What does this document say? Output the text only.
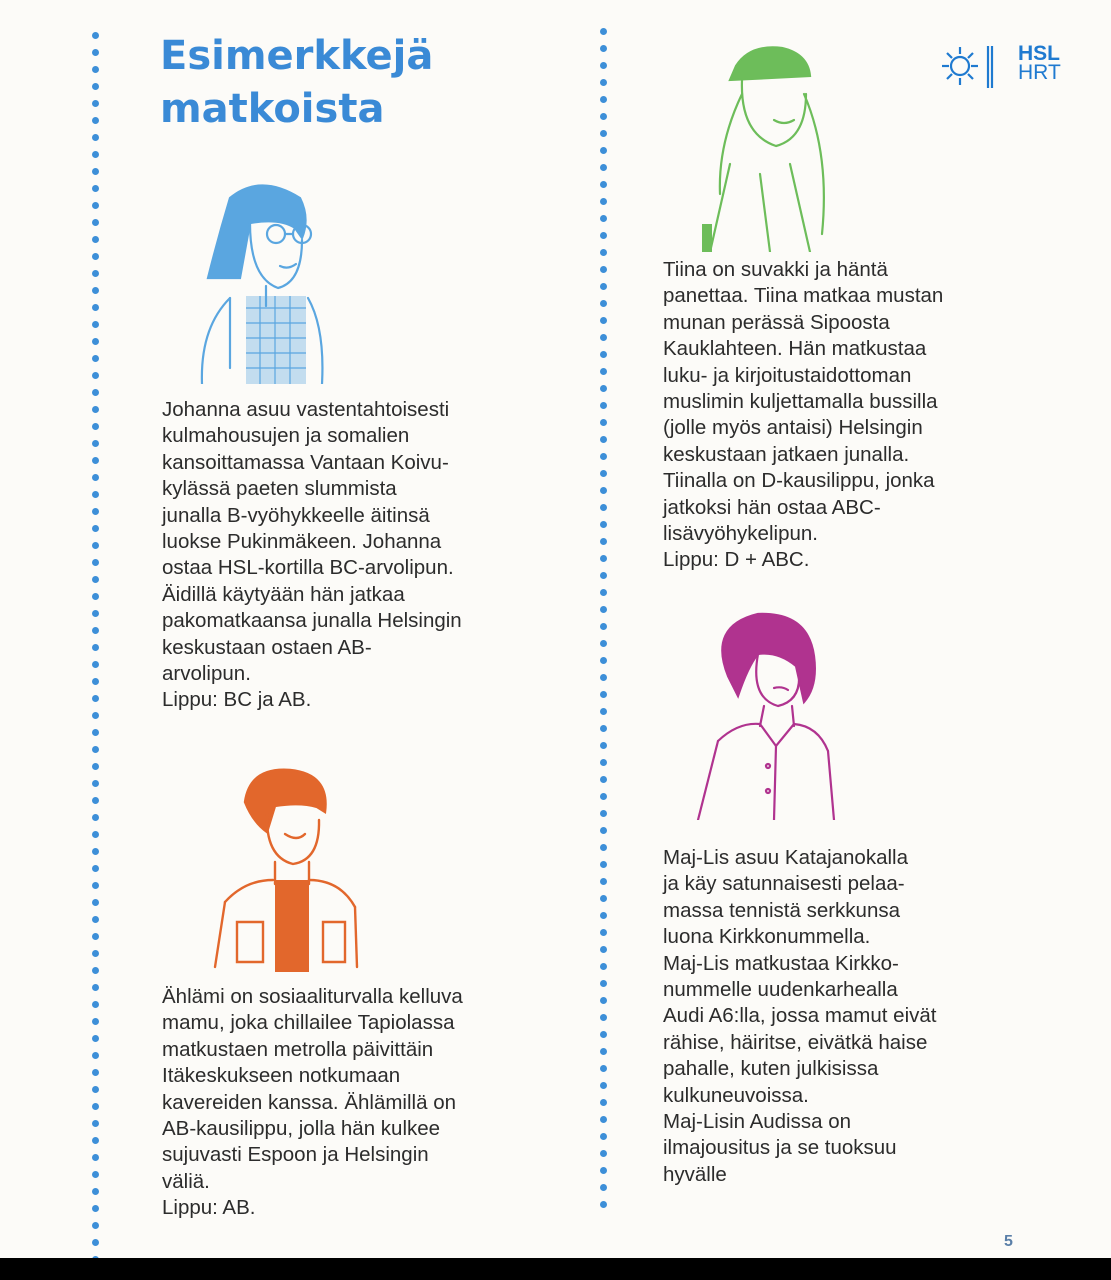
Esimerkkejä
matkoista
HSL
HRT
Johanna asuu vastentahtoisesti
kulmahousujen ja somalien
kansoittamassa Vantaan Koivu-
kylässä paeten slummista
junalla B-vyöhykkeelle äitinsä
luokse Pukinmäkeen. Johanna
ostaa HSL-kortilla BC-arvolipun.
Äidillä käytyään hän jatkaa
pakomatkaansa junalla Helsingin
keskustaan ostaen AB-
arvolipun.
Lippu: BC ja AB.
Ählämi on sosiaaliturvalla kelluva
mamu, joka chillailee Tapiolassa
matkustaen metrolla päivittäin
Itäkeskukseen notkumaan
kavereiden kanssa. Ählämillä on
AB-kausilippu, jolla hän kulkee
sujuvasti Espoon ja Helsingin
väliä.
Lippu: AB.
Tiina on suvakki ja häntä
panettaa. Tiina matkaa mustan
munan perässä Sipoosta
Kauklahteen. Hän matkustaa
luku- ja kirjoitustaidottoman
muslimin kuljettamalla bussilla
(jolle myös antaisi) Helsingin
keskustaan jatkaen junalla.
Tiinalla on D-kausilippu, jonka
jatkoksi hän ostaa ABC-
lisävyöhykelipun.
Lippu: D + ABC.
Maj-Lis asuu Katajanokalla
ja käy satunnaisesti pelaa-
massa tennistä serkkunsa
luona Kirkkonummella.
Maj-Lis matkustaa Kirkko-
nummelle uudenkarhealla
Audi A6:lla, jossa mamut eivät
rähise, häiritse, eivätkä haise
pahalle, kuten julkisissa
kulkuneuvoissa.
Maj-Lisin Audissa on
ilmajousitus ja se tuoksuu
hyvälle
5
